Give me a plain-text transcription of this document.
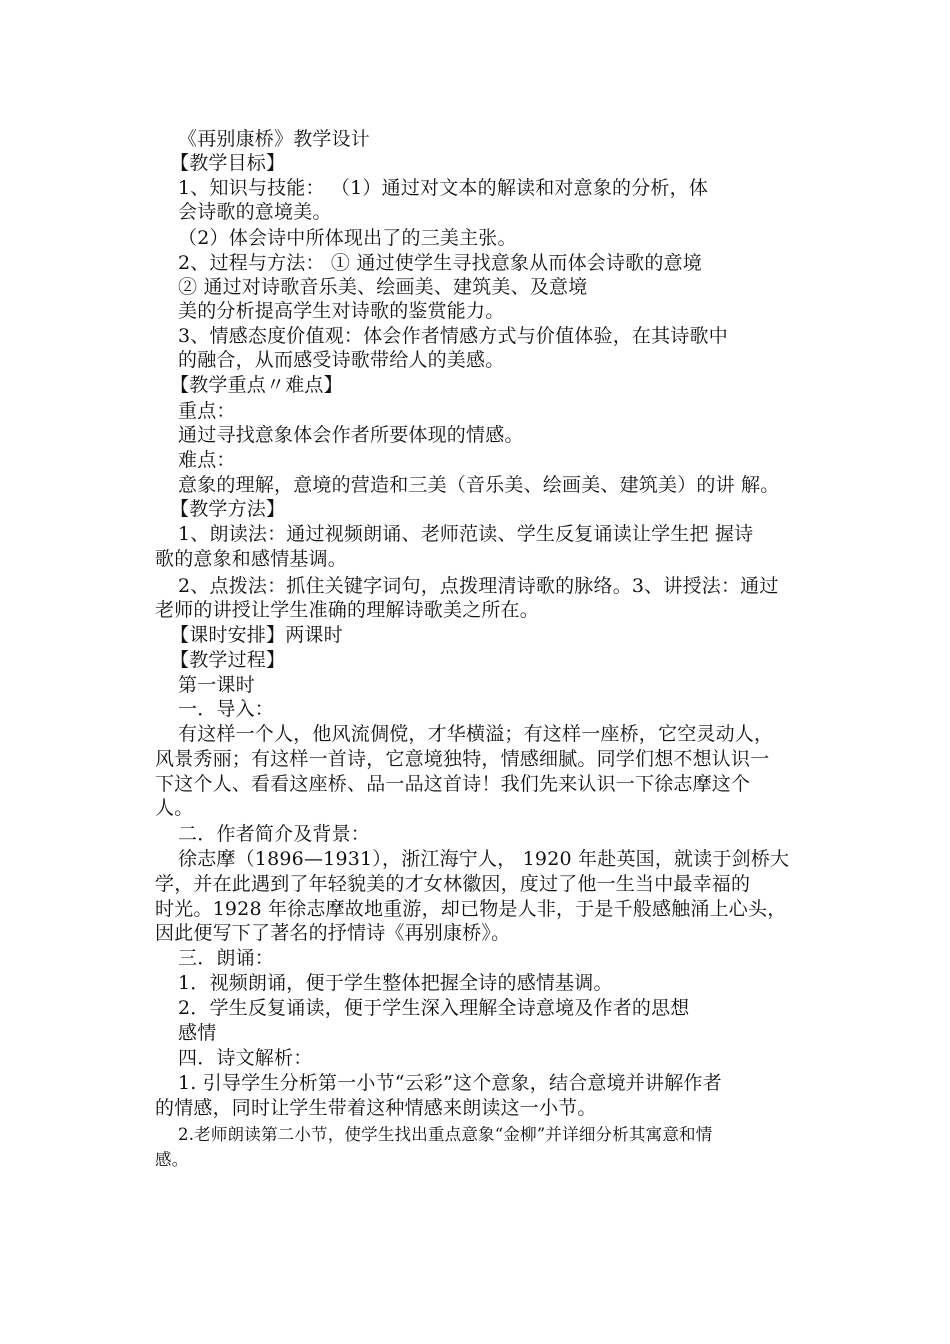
《再别康桥》教学设计
【教学目标】
1、知识与技能： （1）通过对文本的解读和对意象的分析，体
会诗歌的意境美。
（2）体会诗中所体现出了的三美主张。
2、过程与方法： ① 通过使学生寻找意象从而体会诗歌的意境
② 通过对诗歌音乐美、绘画美、建筑美、及意境
美的分析提高学生对诗歌的鉴赏能力。
3、情感态度价值观：体会作者情感方式与价值体验，在其诗歌中
的融合，从而感受诗歌带给人的美感。
【教学重点〃难点】
重点：
通过寻找意象体会作者所要体现的情感。
难点：
意象的理解，意境的营造和三美（音乐美、绘画美、建筑美）的讲 解。
【教学方法】
1、朗读法：通过视频朗诵、老师范读、学生反复诵读让学生把 握诗
歌的意象和感情基调。
2、点拨法：抓住关键字词句，点拨理清诗歌的脉络。3、讲授法：通过
老师的讲授让学生准确的理解诗歌美之所在。
【课时安排】两课时
【教学过程】
第一课时
一．导入：
有这样一个人，他风流倜傥，才华横溢；有这样一座桥，它空灵动人，
风景秀丽；有这样一首诗，它意境独特，情感细腻。同学们想不想认识一
下这个人、看看这座桥、品一品这首诗！我们先来认识一下徐志摩这个
人。
二．作者简介及背景：
徐志摩（1896—1931），浙江海宁人， 1920 年赴英国，就读于剑桥大
学，并在此遇到了年轻貌美的才女林徽因，度过了他一生当中最幸福的
时光。1928 年徐志摩故地重游，却已物是人非，于是千般感触涌上心头，
因此便写下了著名的抒情诗《再别康桥》。
三．朗诵：
1．视频朗诵，便于学生整体把握全诗的感情基调。
2．学生反复诵读，便于学生深入理解全诗意境及作者的思想
感情
四．诗文解析：
1. 引导学生分析第一小节“云彩”这个意象，结合意境并讲解作者
的情感，同时让学生带着这种情感来朗读这一小节。
2.老师朗读第二小节，使学生找出重点意象“金柳”并详细分析其寓意和情
感。
